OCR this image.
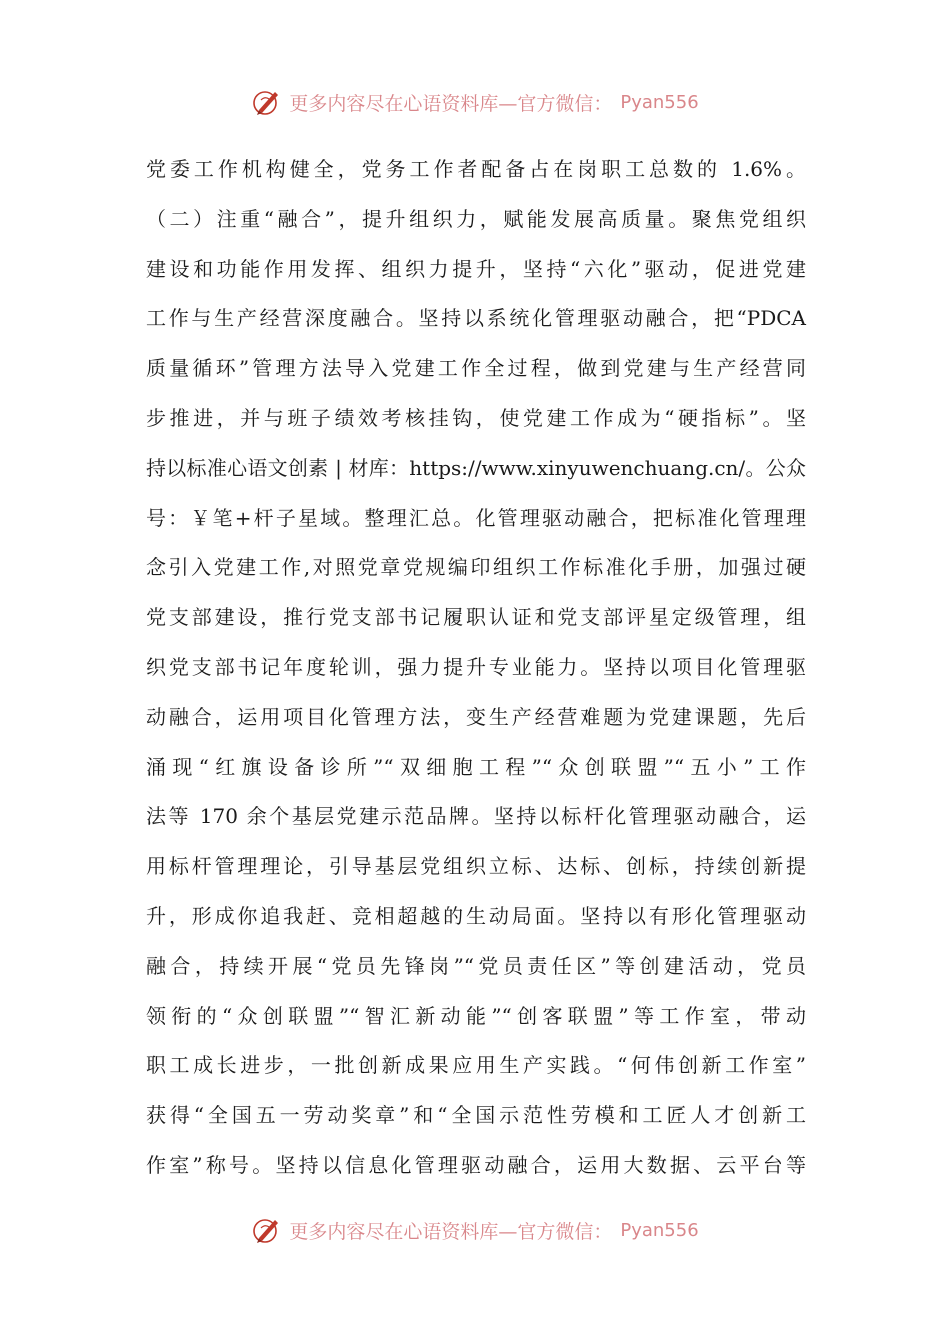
更多内容尽在心语资料库—官方微信： Pyan556
党委工作机构健全，党务工作者配备占在岗职工总数的 1.6%。
（二）注重“融合”，提升组织力，赋能发展高质量。聚焦党组织
建设和功能作用发挥、组织力提升，坚持“六化”驱动，促进党建
工作与生产经营深度融合。坚持以系统化管理驱动融合，把“PDCA
质量循环”管理方法导入党建工作全过程，做到党建与生产经营同
步推进，并与班子绩效考核挂钩，使党建工作成为“硬指标”。坚
持以标准心语文创素 | 材库：https://www.xinyuwenchuang.cn/。公众
号：￥笔+杆子星域。整理汇总。化管理驱动融合，把标准化管理理
念引入党建工作,对照党章党规编印组织工作标准化手册，加强过硬
党支部建设，推行党支部书记履职认证和党支部评星定级管理，组
织党支部书记年度轮训，强力提升专业能力。坚持以项目化管理驱
动融合，运用项目化管理方法，变生产经营难题为党建课题，先后
涌现“红旗设备诊所”“双细胞工程”“众创联盟”“五小”工作
法等 170 余个基层党建示范品牌。坚持以标杆化管理驱动融合，运
用标杆管理理论，引导基层党组织立标、达标、创标，持续创新提
升，形成你追我赶、竞相超越的生动局面。坚持以有形化管理驱动
融合，持续开展“党员先锋岗”“党员责任区”等创建活动，党员
领衔的“众创联盟”“智汇新动能”“创客联盟”等工作室，带动
职工成长进步，一批创新成果应用生产实践。“何伟创新工作室”
获得“全国五一劳动奖章”和“全国示范性劳模和工匠人才创新工
作室”称号。坚持以信息化管理驱动融合，运用大数据、云平台等
更多内容尽在心语资料库—官方微信： Pyan556
